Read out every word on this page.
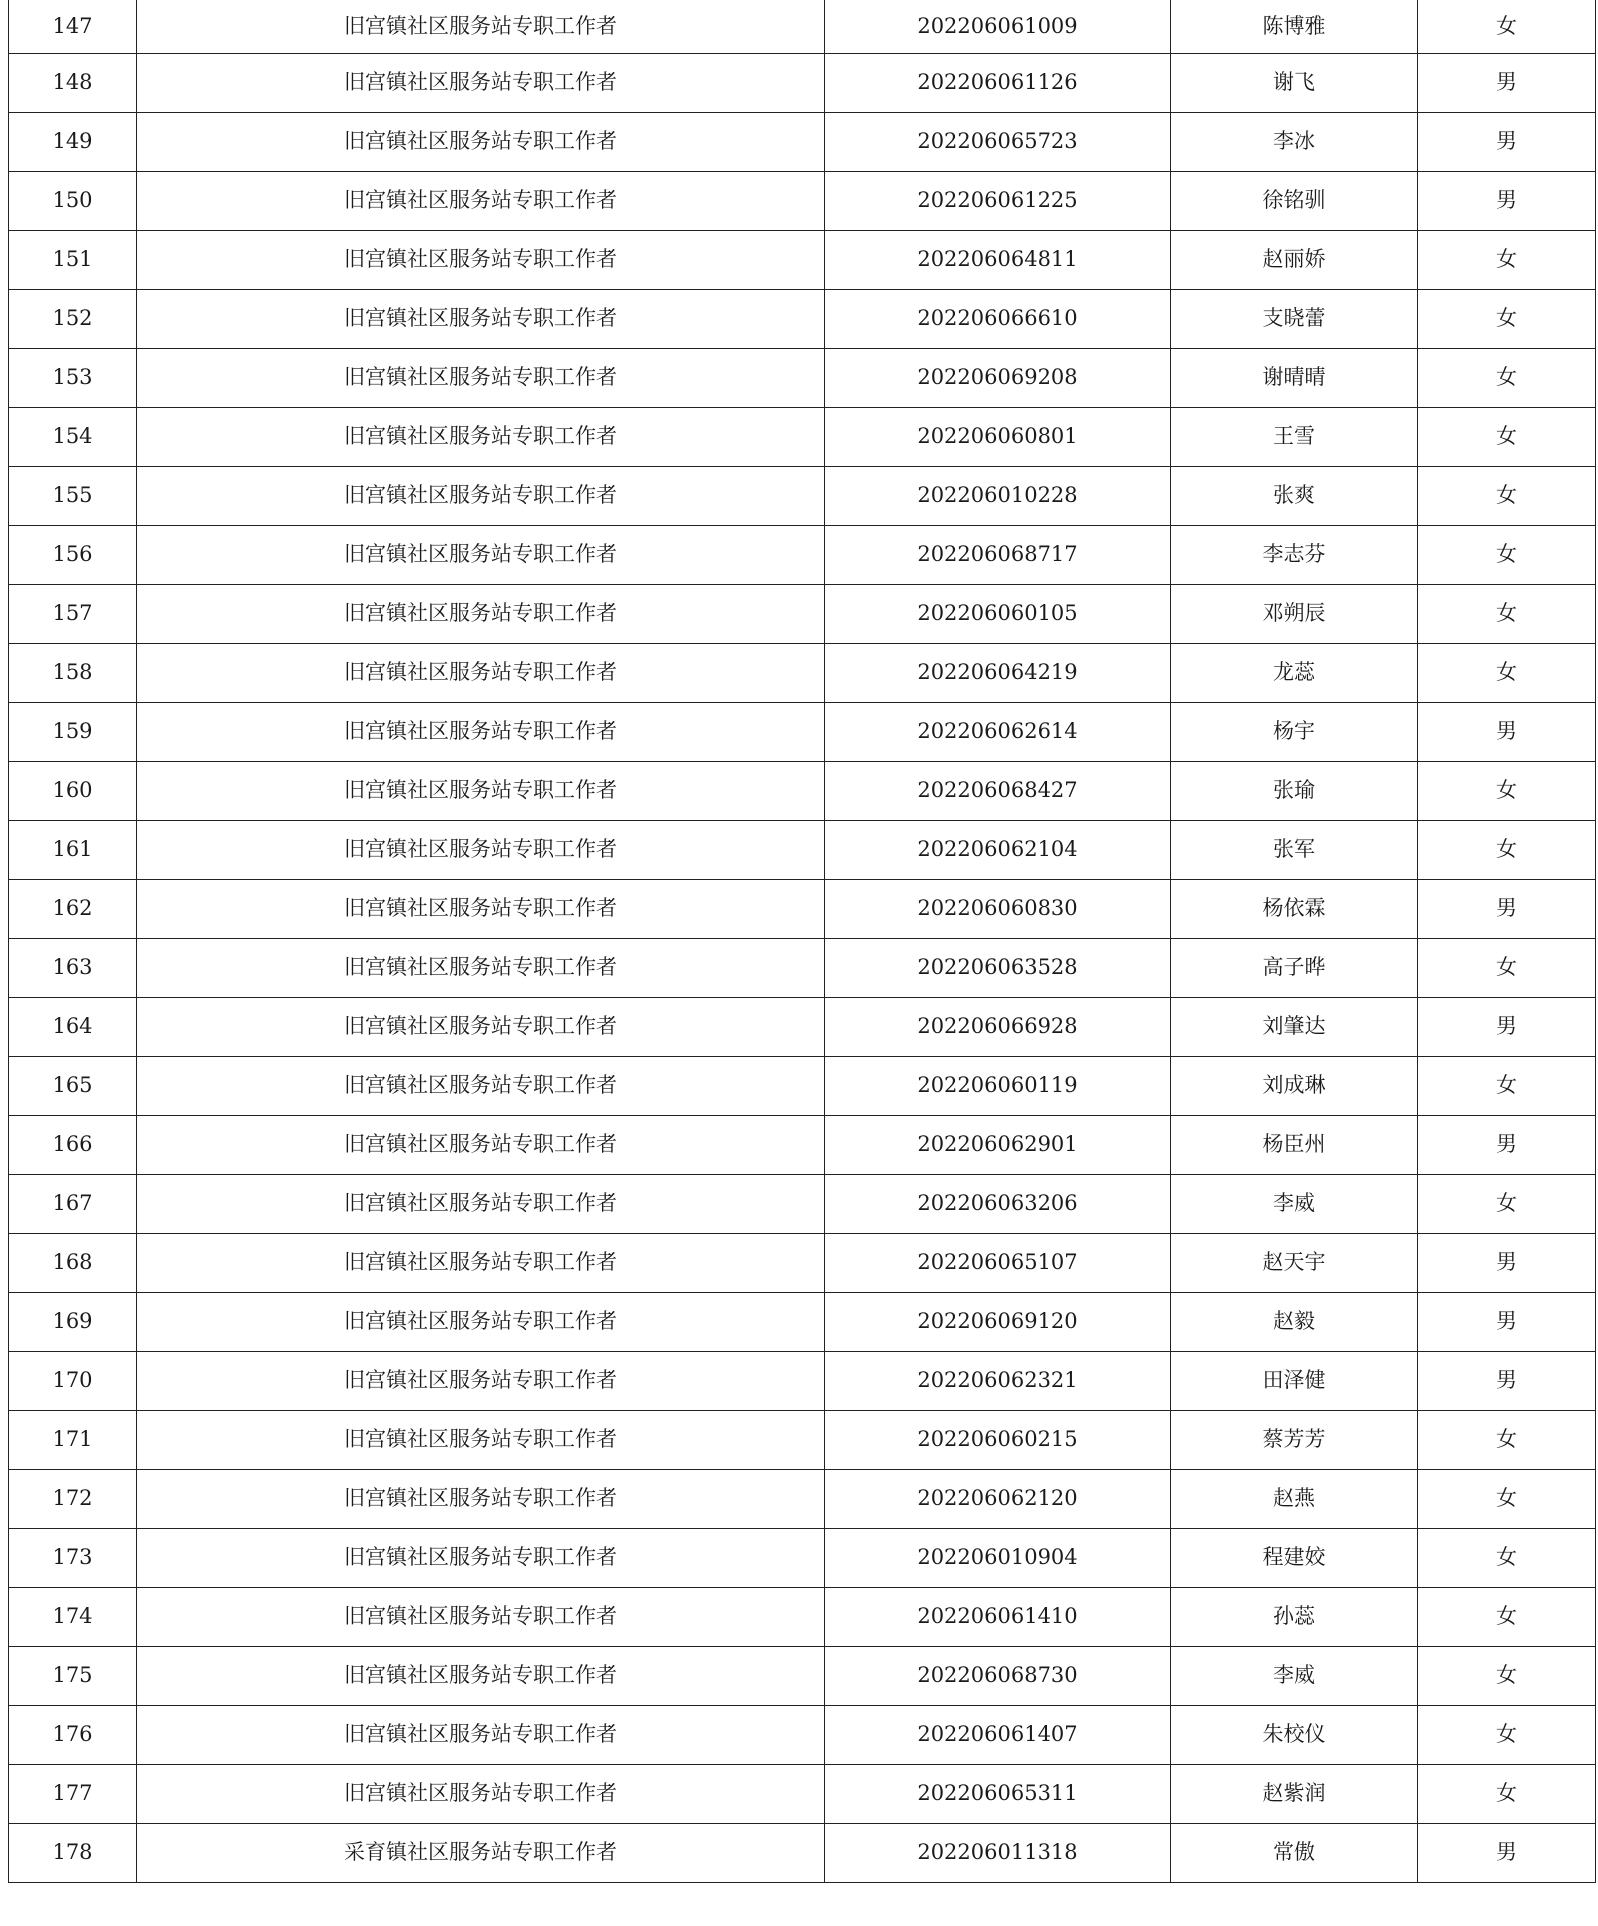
147	旧宫镇社区服务站专职工作者	202206061009	陈博雅	女
148	旧宫镇社区服务站专职工作者	202206061126	谢飞	男
149	旧宫镇社区服务站专职工作者	202206065723	李冰	男
150	旧宫镇社区服务站专职工作者	202206061225	徐铭驯	男
151	旧宫镇社区服务站专职工作者	202206064811	赵丽娇	女
152	旧宫镇社区服务站专职工作者	202206066610	支晓蕾	女
153	旧宫镇社区服务站专职工作者	202206069208	谢晴晴	女
154	旧宫镇社区服务站专职工作者	202206060801	王雪	女
155	旧宫镇社区服务站专职工作者	202206010228	张爽	女
156	旧宫镇社区服务站专职工作者	202206068717	李志芬	女
157	旧宫镇社区服务站专职工作者	202206060105	邓朔辰	女
158	旧宫镇社区服务站专职工作者	202206064219	龙蕊	女
159	旧宫镇社区服务站专职工作者	202206062614	杨宇	男
160	旧宫镇社区服务站专职工作者	202206068427	张瑜	女
161	旧宫镇社区服务站专职工作者	202206062104	张军	女
162	旧宫镇社区服务站专职工作者	202206060830	杨依霖	男
163	旧宫镇社区服务站专职工作者	202206063528	高子晔	女
164	旧宫镇社区服务站专职工作者	202206066928	刘肇达	男
165	旧宫镇社区服务站专职工作者	202206060119	刘成琳	女
166	旧宫镇社区服务站专职工作者	202206062901	杨臣州	男
167	旧宫镇社区服务站专职工作者	202206063206	李威	女
168	旧宫镇社区服务站专职工作者	202206065107	赵天宇	男
169	旧宫镇社区服务站专职工作者	202206069120	赵毅	男
170	旧宫镇社区服务站专职工作者	202206062321	田泽健	男
171	旧宫镇社区服务站专职工作者	202206060215	蔡芳芳	女
172	旧宫镇社区服务站专职工作者	202206062120	赵燕	女
173	旧宫镇社区服务站专职工作者	202206010904	程建姣	女
174	旧宫镇社区服务站专职工作者	202206061410	孙蕊	女
175	旧宫镇社区服务站专职工作者	202206068730	李威	女
176	旧宫镇社区服务站专职工作者	202206061407	朱校仪	女
177	旧宫镇社区服务站专职工作者	202206065311	赵紫润	女
178	采育镇社区服务站专职工作者	202206011318	常傲	男
